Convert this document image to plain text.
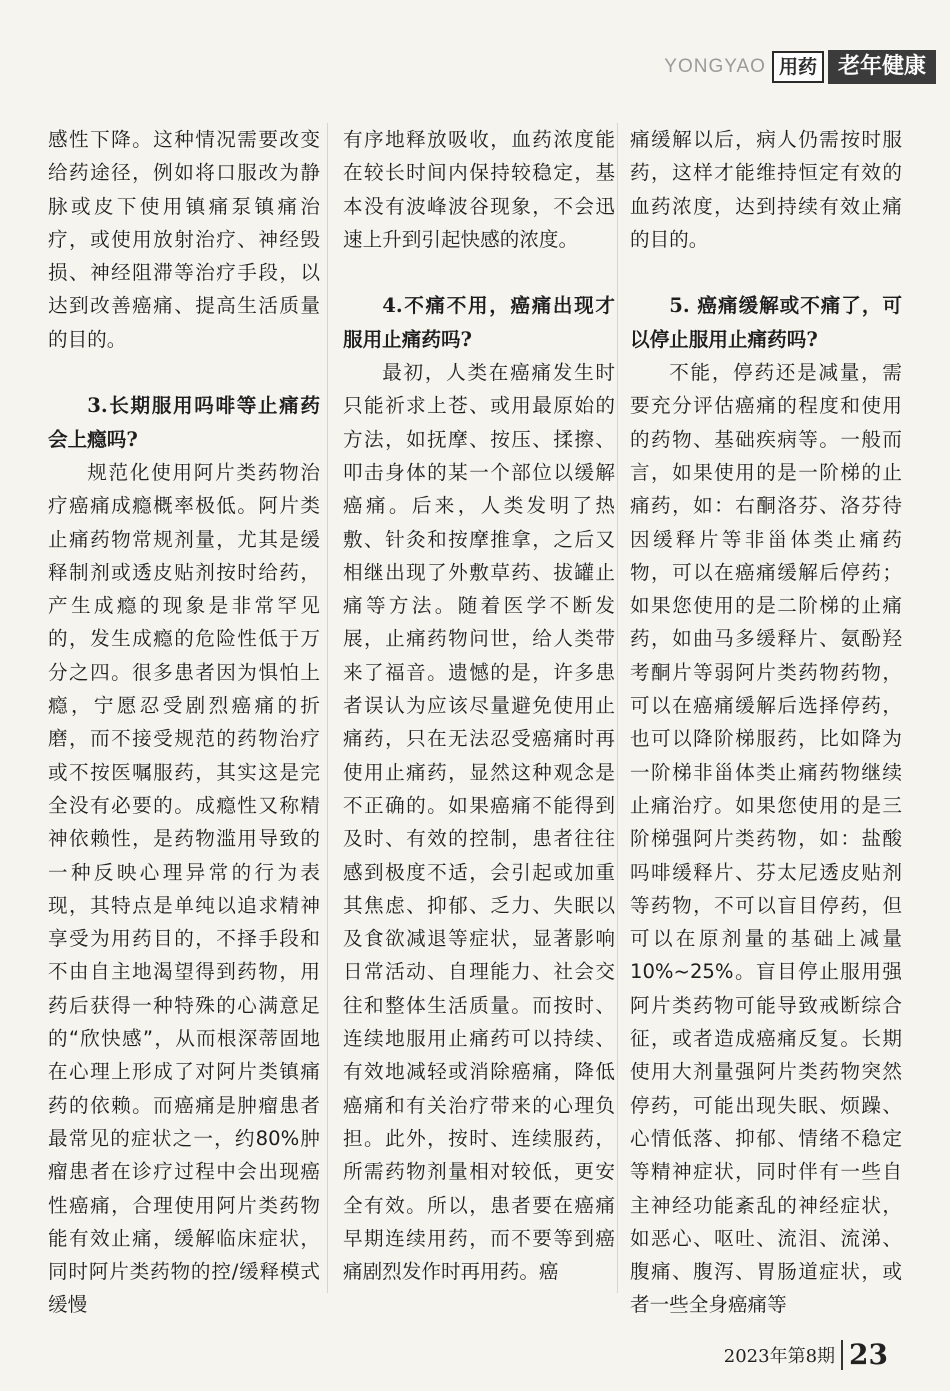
YONGYAO 用药 老年健康

感性下降。这种情况需要改变给药途径，例如将口服改为静脉或皮下使用镇痛泵镇痛治疗，或使用放射治疗、神经毁损、神经阻滞等治疗手段，以达到改善癌痛、提高生活质量的目的。

3.长期服用吗啡等止痛药会上瘾吗?

规范化使用阿片类药物治疗癌痛成瘾概率极低。阿片类止痛药物常规剂量，尤其是缓释制剂或透皮贴剂按时给药，产生成瘾的现象是非常罕见的，发生成瘾的危险性低于万分之四。很多患者因为惧怕上瘾，宁愿忍受剧烈癌痛的折磨，而不接受规范的药物治疗或不按医嘱服药，其实这是完全没有必要的。成瘾性又称精神依赖性，是药物滥用导致的一种反映心理异常的行为表现，其特点是单纯以追求精神享受为用药目的，不择手段和不由自主地渴望得到药物，用药后获得一种特殊的心满意足的“欣快感”，从而根深蒂固地在心理上形成了对阿片类镇痛药的依赖。而癌痛是肿瘤患者最常见的症状之一，约80%肿瘤患者在诊疗过程中会出现癌性癌痛，合理使用阿片类药物能有效止痛，缓解临床症状，同时阿片类药物的控/缓释模式缓慢

有序地释放吸收，血药浓度能在较长时间内保持较稳定，基本没有波峰波谷现象，不会迅速上升到引起快感的浓度。

4.不痛不用，癌痛出现才服用止痛药吗?

最初，人类在癌痛发生时只能祈求上苍、或用最原始的方法，如抚摩、按压、揉擦、叩击身体的某一个部位以缓解癌痛。后来，人类发明了热敷、针灸和按摩推拿，之后又相继出现了外敷草药、拔罐止痛等方法。随着医学不断发展，止痛药物问世，给人类带来了福音。遗憾的是，许多患者误认为应该尽量避免使用止痛药，只在无法忍受癌痛时再使用止痛药，显然这种观念是不正确的。如果癌痛不能得到及时、有效的控制，患者往往感到极度不适，会引起或加重其焦虑、抑郁、乏力、失眠以及食欲减退等症状，显著影响日常活动、自理能力、社会交往和整体生活质量。而按时、连续地服用止痛药可以持续、有效地减轻或消除癌痛，降低癌痛和有关治疗带来的心理负担。此外，按时、连续服药，所需药物剂量相对较低，更安全有效。所以，患者要在癌痛早期连续用药，而不要等到癌痛剧烈发作时再用药。癌

痛缓解以后，病人仍需按时服药，这样才能维持恒定有效的血药浓度，达到持续有效止痛的目的。

5. 癌痛缓解或不痛了，可以停止服用止痛药吗?

不能，停药还是减量，需要充分评估癌痛的程度和使用的药物、基础疾病等。一般而言，如果使用的是一阶梯的止痛药，如：右酮洛芬、洛芬待因缓释片等非甾体类止痛药物，可以在癌痛缓解后停药；如果您使用的是二阶梯的止痛药，如曲马多缓释片、氨酚羟考酮片等弱阿片类药物药物，可以在癌痛缓解后选择停药，也可以降阶梯服药，比如降为一阶梯非甾体类止痛药物继续止痛治疗。如果您使用的是三阶梯强阿片类药物，如：盐酸吗啡缓释片、芬太尼透皮贴剂等药物，不可以盲目停药，但可以在原剂量的基础上减量10%~25%。盲目停止服用强阿片类药物可能导致戒断综合征，或者造成癌痛反复。长期使用大剂量强阿片类药物突然停药，可能出现失眠、烦躁、心情低落、抑郁、情绪不稳定等精神症状，同时伴有一些自主神经功能紊乱的神经症状，如恶心、呕吐、流泪、流涕、腹痛、腹泻、胃肠道症状，或者一些全身癌痛等

2023年第8期 23
